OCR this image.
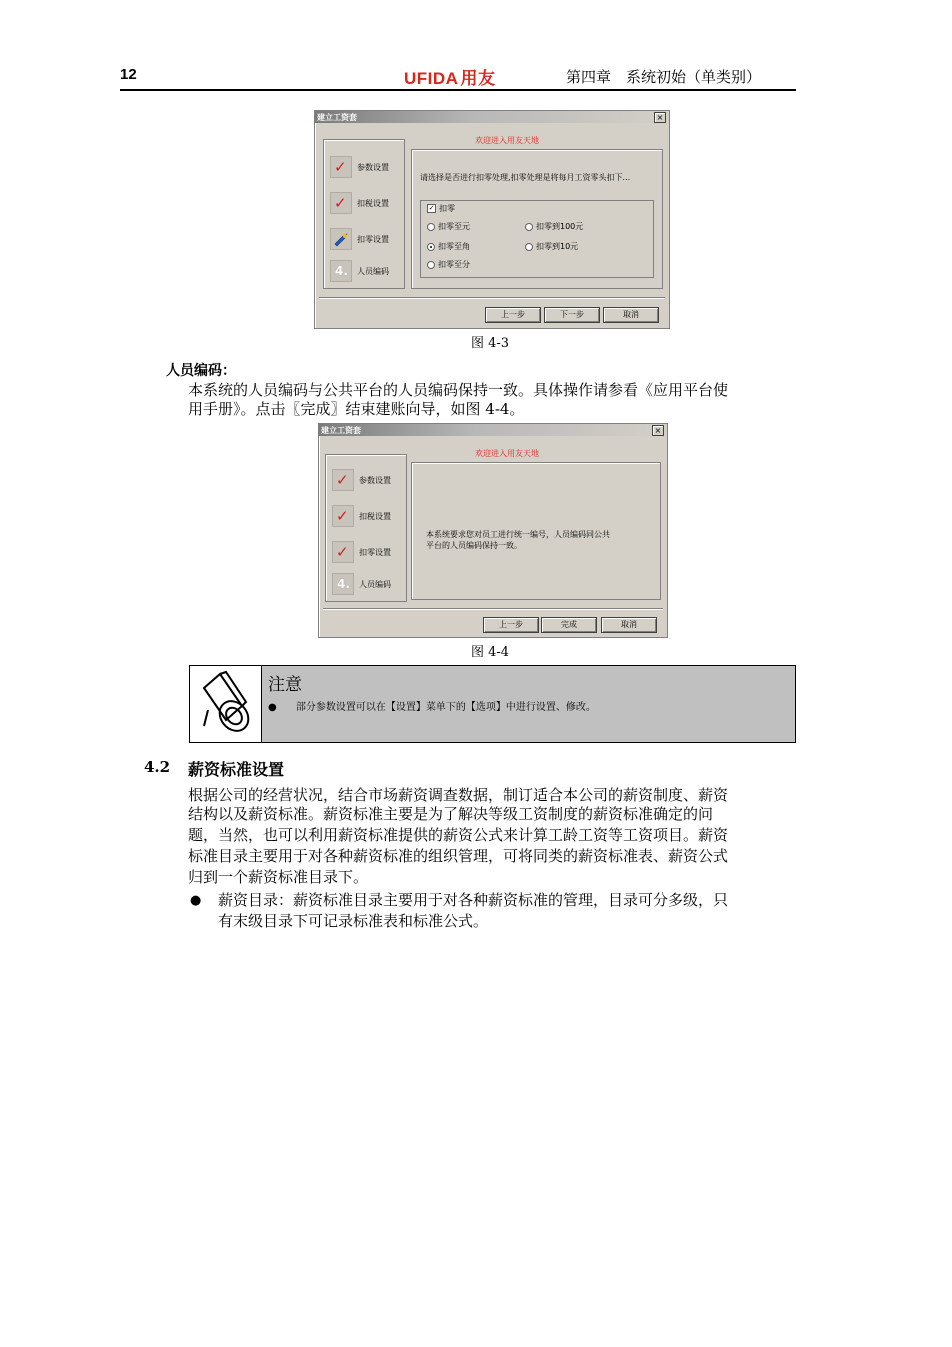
12	UFIDA 用友	第四章　系统初始（单类别）
建立工资套	×
欢迎进入用友天地
✓ 参数设置
✓ 扣税设置
扣零设置
4. 人员编码
请选择是否进行扣零处理,扣零处理是将每月工资零头扣下...
✓ 扣零
扣零至元	扣零到100元
扣零至角	扣零到10元
扣零至分
上一步	下一步	取消
图 4-3
人员编码：
本系统的人员编码与公共平台的人员编码保持一致。具体操作请参看《应用平台使
用手册》。点击〖完成〗结束建账向导，如图 4-4。
建立工资套	×
欢迎进入用友天地
✓ 参数设置
✓ 扣税设置
✓ 扣零设置
4. 人员编码
本系统要求您对员工进行统一编号，人员编码同公共
平台的人员编码保持一致。
上一步	完成	取消
图 4-4
注意
● 部分参数设置可以在【设置】菜单下的【选项】中进行设置、修改。
4.2 薪资标准设置
根据公司的经营状况，结合市场薪资调查数据，制订适合本公司的薪资制度、薪资
结构以及薪资标准。薪资标准主要是为了解决等级工资制度的薪资标准确定的问
题，当然，也可以利用薪资标准提供的薪资公式来计算工龄工资等工资项目。薪资
标准目录主要用于对各种薪资标准的组织管理，可将同类的薪资标准表、薪资公式
归到一个薪资标准目录下。
● 薪资目录：薪资标准目录主要用于对各种薪资标准的管理，目录可分多级，只
有末级目录下可记录标准表和标准公式。
